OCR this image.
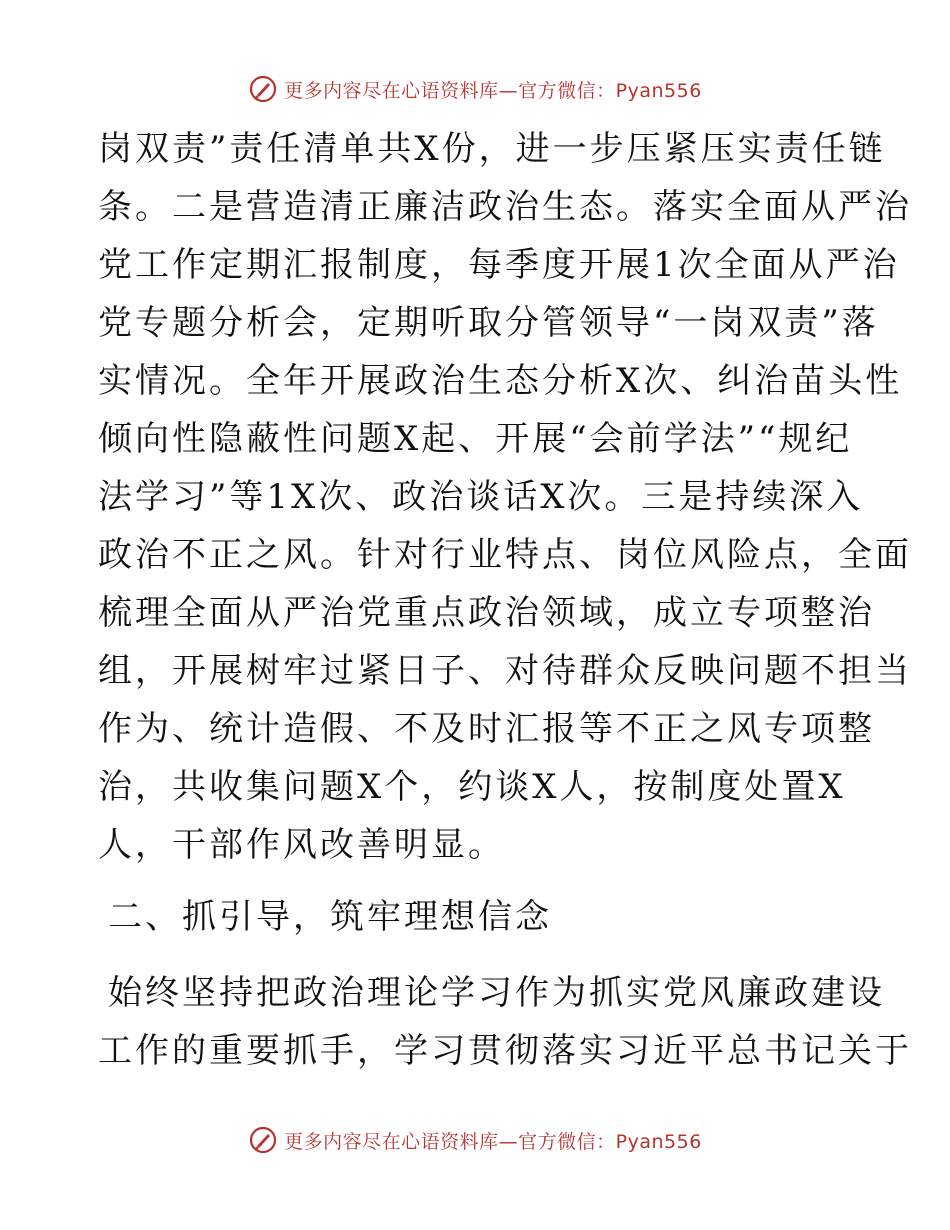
更多内容尽在心语资料库—官方微信：Pyan556
岗双责”责任清单共X份，进一步压紧压实责任链
条。二是营造清正廉洁政治生态。落实全面从严治
党工作定期汇报制度，每季度开展1次全面从严治
党专题分析会，定期听取分管领导“一岗双责”落
实情况。全年开展政治生态分析X次、纠治苗头性
倾向性隐蔽性问题X起、开展“会前学法”“规纪
法学习”等1X次、政治谈话X次。三是持续深入
政治不正之风。针对行业特点、岗位风险点，全面
梳理全面从严治党重点政治领域，成立专项整治
组，开展树牢过紧日子、对待群众反映问题不担当
作为、统计造假、不及时汇报等不正之风专项整
治，共收集问题X个，约谈X人，按制度处置X
人，干部作风改善明显。
二、抓引导，筑牢理想信念
始终坚持把政治理论学习作为抓实党风廉政建设
工作的重要抓手，学习贯彻落实习近平总书记关于
更多内容尽在心语资料库—官方微信：Pyan556
